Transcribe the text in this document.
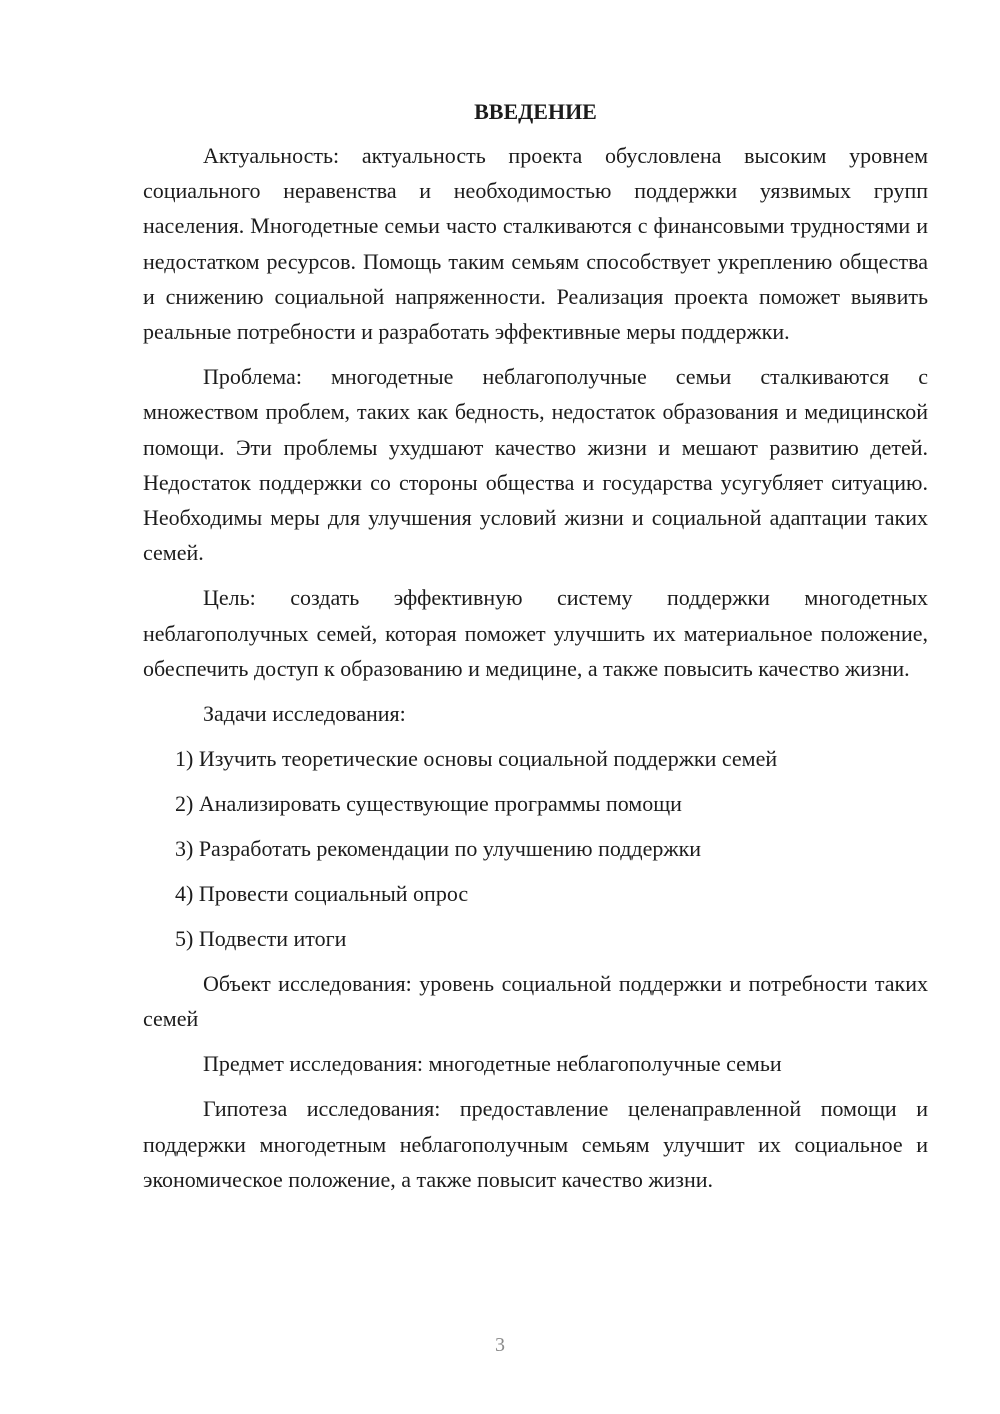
ВВЕДЕНИЕ

Актуальность: актуальность проекта обусловлена высоким уровнем социального неравенства и необходимостью поддержки уязвимых групп населения. Многодетные семьи часто сталкиваются с финансовыми трудностями и недостатком ресурсов. Помощь таким семьям способствует укреплению общества и снижению социальной напряженности. Реализация проекта поможет выявить реальные потребности и разработать эффективные меры поддержки.

Проблема: многодетные неблагополучные семьи сталкиваются с множеством проблем, таких как бедность, недостаток образования и медицинской помощи. Эти проблемы ухудшают качество жизни и мешают развитию детей. Недостаток поддержки со стороны общества и государства усугубляет ситуацию. Необходимы меры для улучшения условий жизни и социальной адаптации таких семей.

Цель: создать эффективную систему поддержки многодетных неблагополучных семей, которая поможет улучшить их материальное положение, обеспечить доступ к образованию и медицине, а также повысить качество жизни.

Задачи исследования:

1) Изучить теоретические основы социальной поддержки семей
2) Анализировать существующие программы помощи
3) Разработать рекомендации по улучшению поддержки
4) Провести социальный опрос
5) Подвести итоги

Объект исследования: уровень социальной поддержки и потребности таких семей

Предмет исследования: многодетные неблагополучные семьи

Гипотеза исследования: предоставление целенаправленной помощи и поддержки многодетным неблагополучным семьям улучшит их социальное и экономическое положение, а также повысит качество жизни.

3
